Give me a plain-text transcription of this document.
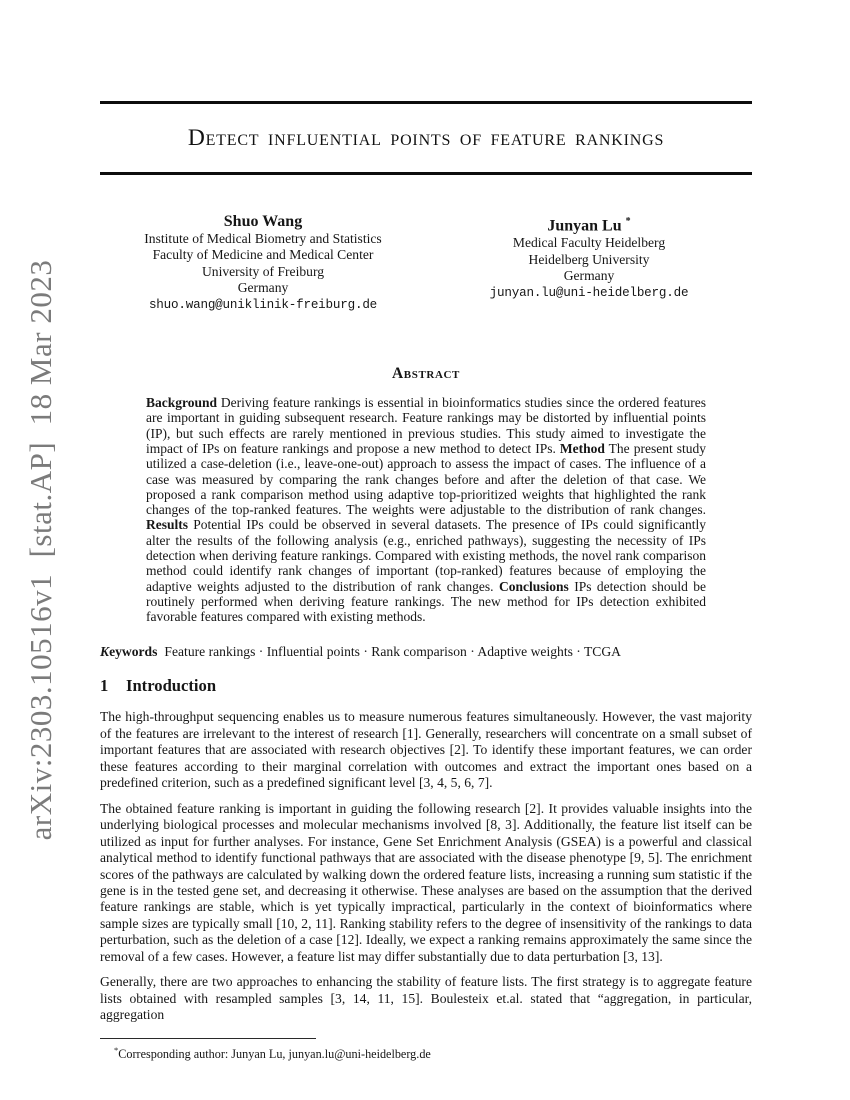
arXiv:2303.10516v1  [stat.AP]  18 Mar 2023
Detect influential points of feature rankings
Shuo Wang
Institute of Medical Biometry and Statistics
Faculty of Medicine and Medical Center
University of Freiburg
Germany
shuo.wang@uniklinik-freiburg.de
Junyan Lu *
Medical Faculty Heidelberg
Heidelberg University
Germany
junyan.lu@uni-heidelberg.de
Abstract

Background Deriving feature rankings is essential in bioinformatics studies since the ordered features are important in guiding subsequent research. Feature rankings may be distorted by influential points (IP), but such effects are rarely mentioned in previous studies. This study aimed to investigate the impact of IPs on feature rankings and propose a new method to detect IPs. Method The present study utilized a case-deletion (i.e., leave-one-out) approach to assess the impact of cases. The influence of a case was measured by comparing the rank changes before and after the deletion of that case. We proposed a rank comparison method using adaptive top-prioritized weights that highlighted the rank changes of the top-ranked features. The weights were adjustable to the distribution of rank changes. Results Potential IPs could be observed in several datasets. The presence of IPs could significantly alter the results of the following analysis (e.g., enriched pathways), suggesting the necessity of IPs detection when deriving feature rankings. Compared with existing methods, the novel rank comparison method could identify rank changes of important (top-ranked) features because of employing the adaptive weights adjusted to the distribution of rank changes. Conclusions IPs detection should be routinely performed when deriving feature rankings. The new method for IPs detection exhibited favorable features compared with existing methods.

Keywords Feature rankings · Influential points · Rank comparison · Adaptive weights · TCGA
1 Introduction

The high-throughput sequencing enables us to measure numerous features simultaneously. However, the vast majority of the features are irrelevant to the interest of research [1]. Generally, researchers will concentrate on a small subset of important features that are associated with research objectives [2]. To identify these important features, we can order these features according to their marginal correlation with outcomes and extract the important ones based on a predefined criterion, such as a predefined significant level [3, 4, 5, 6, 7].

The obtained feature ranking is important in guiding the following research [2]. It provides valuable insights into the underlying biological processes and molecular mechanisms involved [8, 3]. Additionally, the feature list itself can be utilized as input for further analyses. For instance, Gene Set Enrichment Analysis (GSEA) is a powerful and classical analytical method to identify functional pathways that are associated with the disease phenotype [9, 5]. The enrichment scores of the pathways are calculated by walking down the ordered feature lists, increasing a running sum statistic if the gene is in the tested gene set, and decreasing it otherwise. These analyses are based on the assumption that the derived feature rankings are stable, which is yet typically impractical, particularly in the context of bioinformatics where sample sizes are typically small [10, 2, 11]. Ranking stability refers to the degree of insensitivity of the rankings to data perturbation, such as the deletion of a case [12]. Ideally, we expect a ranking remains approximately the same since the removal of a few cases. However, a feature list may differ substantially due to data perturbation [3, 13].

Generally, there are two approaches to enhancing the stability of feature lists. The first strategy is to aggregate feature lists obtained with resampled samples [3, 14, 11, 15]. Boulesteix et.al. stated that “aggregation, in particular, aggregation

*Corresponding author: Junyan Lu, junyan.lu@uni-heidelberg.de
